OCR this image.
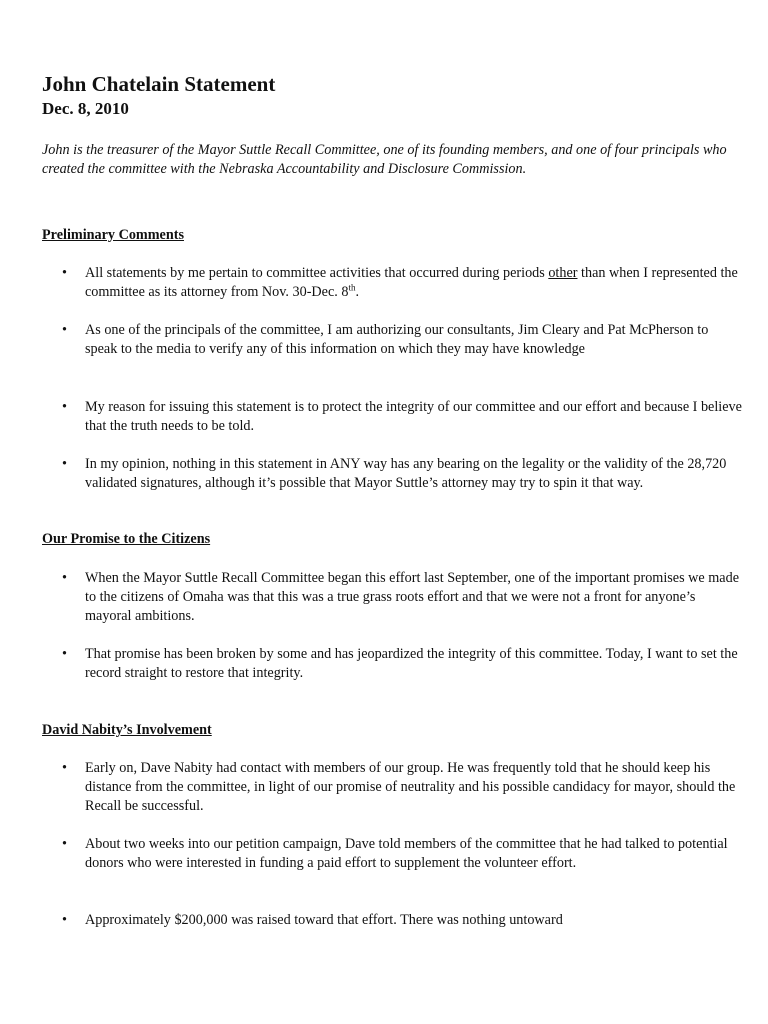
John Chatelain Statement
Dec. 8, 2010

John is the treasurer of the Mayor Suttle Recall Committee, one of its founding members, and one of four principals who created the committee with the Nebraska Accountability and Disclosure Commission.

Preliminary Comments
• All statements by me pertain to committee activities that occurred during periods other than when I represented the committee as its attorney from Nov. 30-Dec. 8th.
• As one of the principals of the committee, I am authorizing our consultants, Jim Cleary and Pat McPherson to speak to the media to verify any of this information on which they may have knowledge
• My reason for issuing this statement is to protect the integrity of our committee and our effort and because I believe that the truth needs to be told.
• In my opinion, nothing in this statement in ANY way has any bearing on the legality or the validity of the 28,720 validated signatures, although it’s possible that Mayor Suttle’s attorney may try to spin it that way.
Our Promise to the Citizens
• When the Mayor Suttle Recall Committee began this effort last September, one of the important promises we made to the citizens of Omaha was that this was a true grass roots effort and that we were not a front for anyone’s mayoral ambitions.
• That promise has been broken by some and has jeopardized the integrity of this committee. Today, I want to set the record straight to restore that integrity.
David Nabity’s Involvement
• Early on, Dave Nabity had contact with members of our group. He was frequently told that he should keep his distance from the committee, in light of our promise of neutrality and his possible candidacy for mayor, should the Recall be successful.
• About two weeks into our petition campaign, Dave told members of the committee that he had talked to potential donors who were interested in funding a paid effort to supplement the volunteer effort.
• Approximately $200,000 was raised toward that effort. There was nothing untoward
